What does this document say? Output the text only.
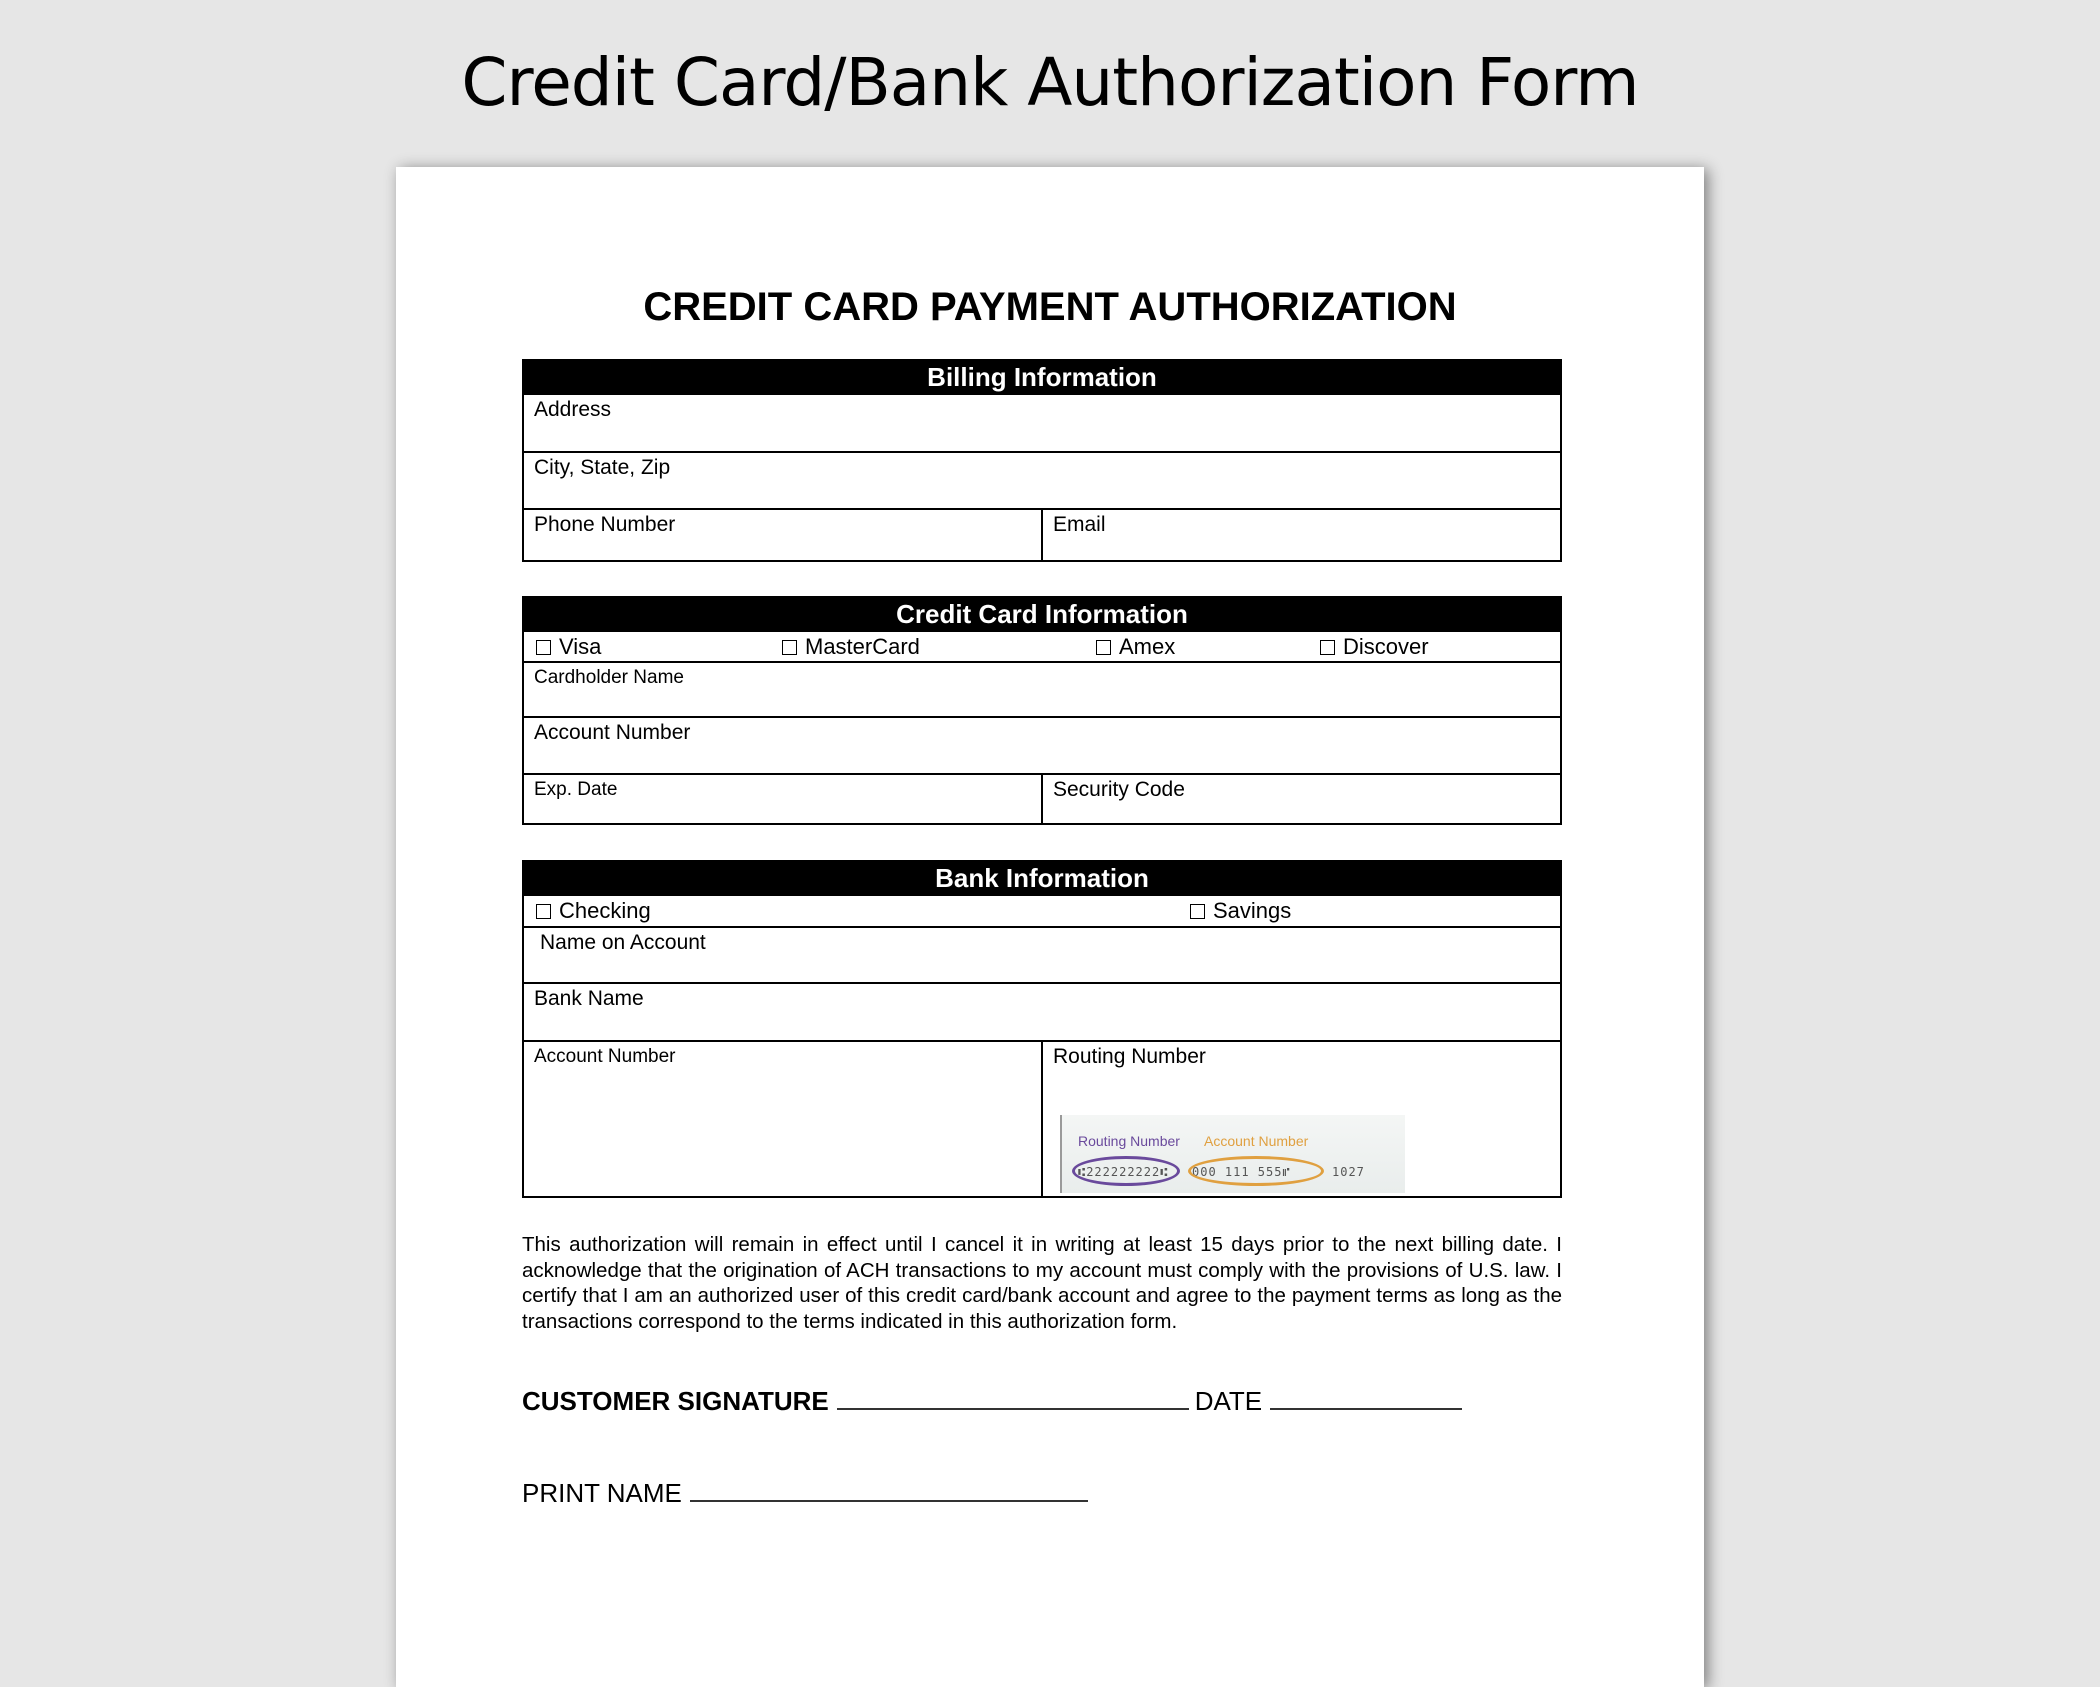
Credit Card/Bank Authorization Form
CREDIT CARD PAYMENT AUTHORIZATION
Billing Information
Address
City, State, Zip
Phone Number	Email
Credit Card Information
Visa	MasterCard	Amex	Discover
Cardholder Name
Account Number
Exp. Date	Security Code
Bank Information
Checking	Savings
Name on Account
Bank Name
Account Number	Routing Number
Routing Number Account Number
⑆222222222⑆ 000 111 555⑈	1027
This authorization will remain in effect until I cancel it in writing at least 15 days prior to the next billing date. I acknowledge that the origination of ACH transactions to my account must comply with the provisions of U.S. law. I certify that I am an authorized user of this credit card/bank account and agree to the payment terms as long as the transactions correspond to the terms indicated in this authorization form.
CUSTOMER SIGNATURE	DATE
PRINT NAME
